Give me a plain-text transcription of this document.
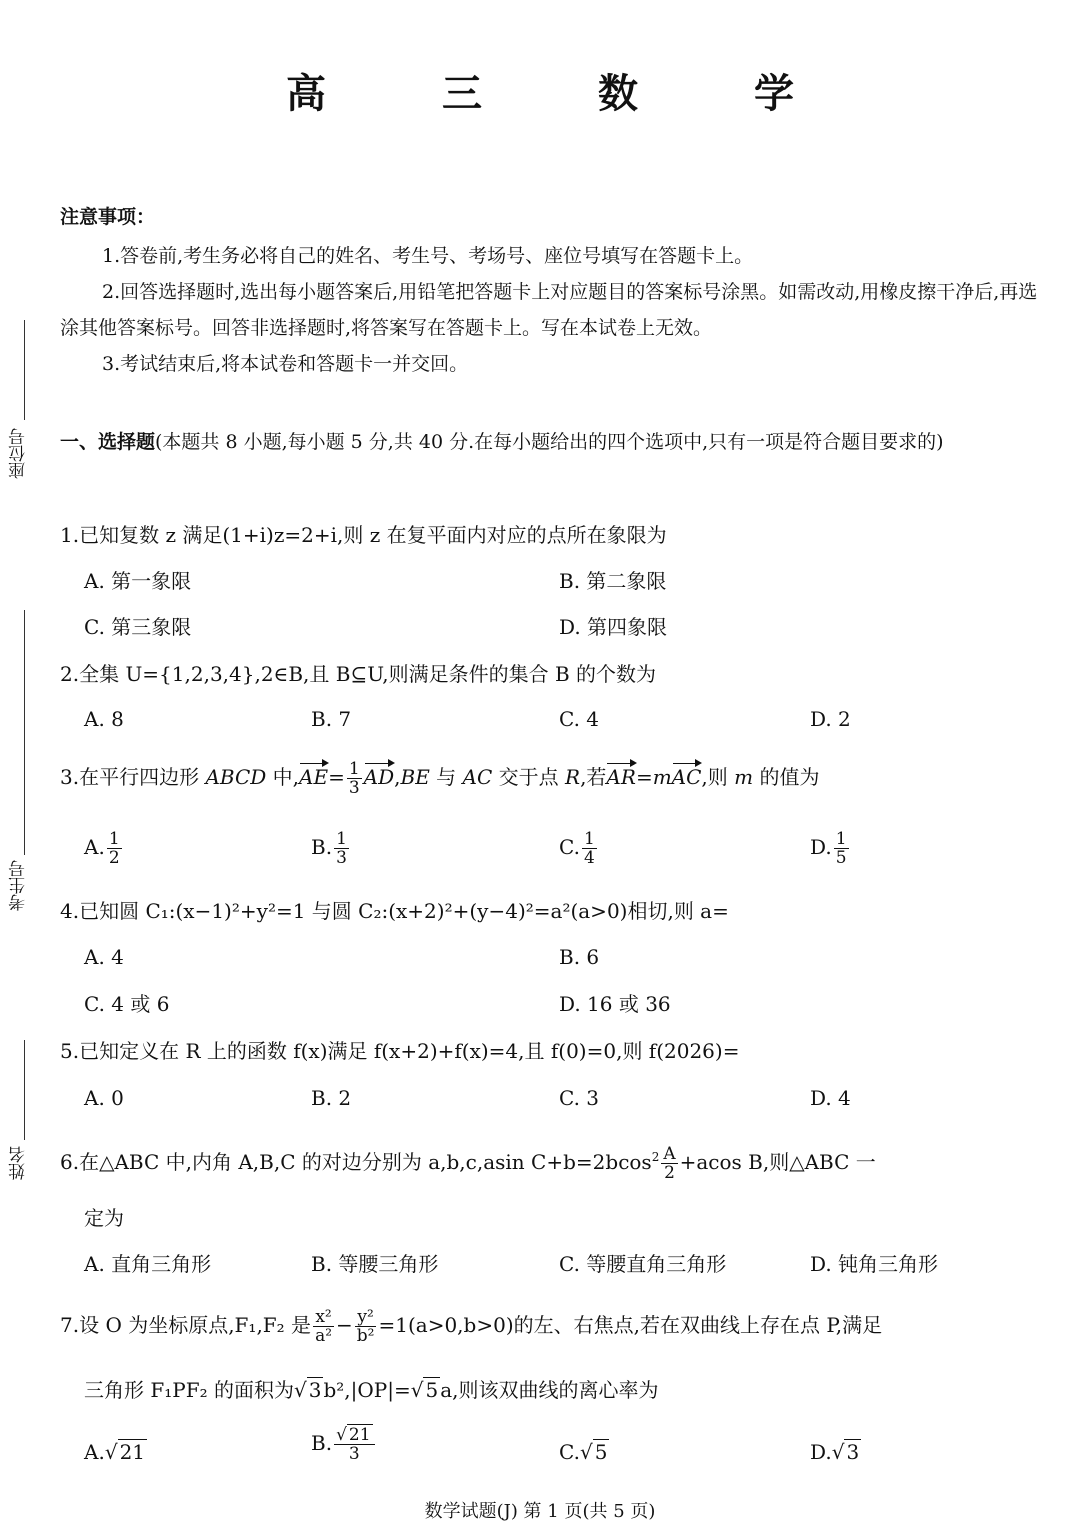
高　三　数　学
注意事项：
1.答卷前,考生务必将自己的姓名、考生号、考场号、座位号填写在答题卡上。
2.回答选择题时,选出每小题答案后,用铅笔把答题卡上对应题目的答案标号涂黑。如需改动,用橡皮擦干净后,再选涂其他答案标号。回答非选择题时,将答案写在答题卡上。写在本试卷上无效。
3.考试结束后,将本试卷和答题卡一并交回。
一、选择题(本题共 8 小题,每小题 5 分,共 40 分.在每小题给出的四个选项中,只有一项是符合题目要求的)
座位号
考生号
姓名
1.已知复数 z 满足(1+i)z=2+i,则 z 在复平面内对应的点所在象限为
A. 第一象限	B. 第二象限
C. 第三象限	D. 第四象限
2.全集 U={1,2,3,4},2∈B,且 B⊆U,则满足条件的集合 B 的个数为
A. 8	B. 7	C. 4	D. 2
3.在平行四边形 ABCD 中$,AE= \frac{1}{3} AD,BE$ 与 AC 交于点 R,若AR=mAC,则 m 的值为
A. $\frac{1}{2}$	B. $\frac{1}{3}$	C. $\frac{1}{4}$	D. $\frac{1}{5}$
4.已知圆 C₁:(x−1)²+y²=1 与圆 C₂:(x+2)²+(y−4)²=a²(a>0)相切,则 a=
A. 4	B. 6
C. 4 或 6	D. 16 或 36
5.已知定义在 R 上的函数 f(x)满足 f(x+2)+f(x)=4,且 f(0)=0,则 f(2026)=
A. 0	B. 2	C. 3	D. 4
6.在△ABC 中,内角 A,B,C 的对边分别为 a,b,c,asin $C+b=2bcos^2 \frac{A}{2} +acos$ B,则△ABC 一
定为
A. 直角三角形	B. 等腰三角形	C. 等腰直角三角形	D. 钝角三角形
7.设 O 为坐标原点,F₁,F₂ 是 $\frac{\text{x²}}{\text{a²}} - \frac{\text{y²}}{\text{b²}} =1(a>0,b>0)$的左、右焦点,若在双曲线上存在点 P,满足
三角形 F₁PF₂ 的面积为√ 3 b²,|OP|=√ 5 a,则该双曲线的离心率为
A.√ 21	B. $\frac{√ 21}{3}$	C.√ 5	D.√ 3
数学试题(J) 第 1 页(共 5 页)
